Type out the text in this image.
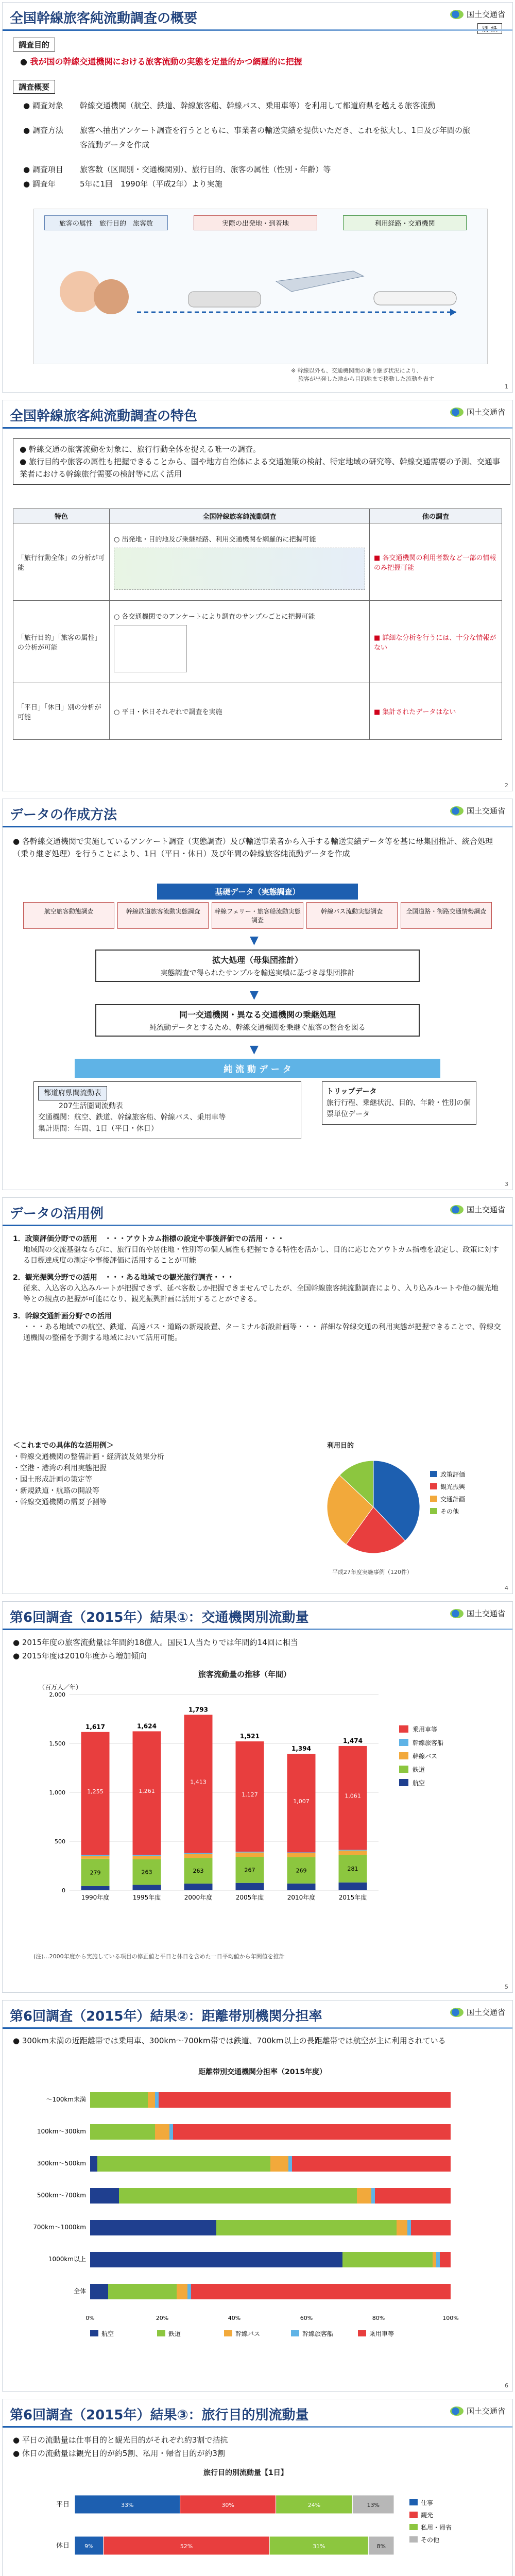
全国幹線旅客純流動調査の概要	国土交通省
調査目的
● 我が国の幹線交通機関における旅客流動の実態を定量的かつ網羅的に把握
調査概要
● 調査対象	幹線交通機関（航空、鉄道、幹線旅客船、幹線バス、乗用車等）を利用して都道府県を越える旅客流動
● 調査方法	旅客へ抽出アンケート調査を行うとともに、事業者の輸送実績を提供いただき、これを拡大し、1日及び年間の旅客流動データを作成
● 調査項目	旅客数（区間別・交通機関別）、旅行目的、旅客の属性（性別・年齢）等
● 調査年	5年に1回　1990年（平成2年）より実施
旅客の属性　旅行目的　旅客数	実際の出発地・到着地	利用経路・交通機関
※ 幹線以外も、交通機関間の乗り継ぎ状況により、
旅客が出発した地から目的地まで移動した流動を表す
1
全国幹線旅客純流動調査の特色	国土交通省
● 幹線交通の旅客流動を対象に、旅行行動全体を捉える唯一の調査。
● 旅行目的や旅客の属性も把握できることから、国や地方自治体による交通施策の検討、特定地域の研究等、幹線交通需要の予測、交通事業者における幹線旅行需要の検討等に広く活用
特色	全国幹線旅客純流動調査	他の調査
「旅行行動全体」の分析が可能	○ 出発地・目的地及び乗継経路、利用交通機関を網羅的に把握可能	■ 各交通機関の利用者数など一部の情報のみ把握可能
「旅行目的」「旅客の属性」の分析が可能	○ 各交通機関でのアンケートにより調査のサンプルごとに把握可能	■ 詳細な分析を行うには、十分な情報がない
「平日」「休日」別の分析が可能	○ 平日・休日それぞれで調査を実施	■ 集計されたデータはない
2
データの作成方法	国土交通省
● 各幹線交通機関で実施しているアンケート調査（実態調査）及び輸送事業者から入手する輸送実績データ等を基に母集団推計、統合処理（乗り継ぎ処理）を行うことにより、1日（平日・休日）及び年間の幹線旅客純流動データを作成
基礎データ（実態調査）
航空旅客動態調査	幹線鉄道旅客流動実態調査	幹線フェリー・旅客船流動実態調査
幹線バス流動実態調査	全国道路・街路交通情勢調査
▼
拡大処理（母集団推計）
実態調査で得られたサンプルを輸送実績に基づき母集団推計
▼
同一交通機関・異なる交通機関の乗継処理
純流動データとするため、幹線交通機関を乗継ぐ旅客の整合を図る
▼
純 流 動 デ ー タ
都道府県間流動表
207生活圏間流動表
交通機関：航空、鉄道、幹線旅客船、幹線バス、乗用車等
集計期間：年間、1日（平日・休日）
トリップデータ
旅行行程、乗継状況、目的、年齢・性別の個票単位データ
3
データの活用例	国土交通省
1．政策評価分野での活用　・・・アウトカム指標の設定や事後評価での活用・・・
地域間の交流基盤ならびに、旅行目的や居住地・性別等の個人属性も把握できる特性を活かし、目的に応じたアウトカム指標を設定し、政策に対する目標達成度の測定や事後評価に活用することが可能
2．観光振興分野での活用　・・・ある地域での観光旅行調査・・・
従来、入込客の入込みルートが把握できず、延べ客数しか把握できませんでしたが、全国幹線旅客純流動調査により、入り込みルートや他の観光地等との観点の把握が可能になり、観光振興計画に活用することができる。
3．幹線交通計画分野での活用
・・・ある地域での航空、鉄道、高速バス・道路の新規設置、ターミナル新設計画等・・・ 詳細な幹線交通の利用実態が把握できることで、幹線交通機関の整備を予測する地域において活用可能。
＜これまでの具体的な活用例＞
・幹線交通機関の整備計画・経済波及効果分析
・空港・港湾の利用実態把握
・国土形成計画の策定等
・新規鉄道・航路の開設等
・幹線交通機関の需要予測等
利用目的
政策評価
観光振興
交通計画
その他
平成27年度実施事例（120件）
4
第6回調査（2015年）結果①：交通機関別流動量	国土交通省
● 2015年度の旅客流動量は年間約18億人。国民1人当たりでは年間約14回に相当
● 2015年度は2010年度から増加傾向
旅客流動量の推移（年間）
（百万人／年）
0
500
1,000
1,500
2,000
1,617
1,255
279
1990年度
1,624
1,261
263
1995年度
1,793
1,413
263
2000年度
1,521
1,127
267
2005年度
1,394
1,007
269
2010年度
1,474
1,061
281
2015年度
乗用車等
幹線旅客船
幹線バス
鉄道
航空
(注)…2000年度から実施している項目の修正値と平日と休日を含めた一日平均値から年間値を推計
5
第6回調査（2015年）結果②：距離帯別機関分担率	国土交通省
● 300km未満の近距離帯では乗用車、300km～700km帯では鉄道、700km以上の長距離帯では航空が主に利用されている
距離帯別交通機関分担率（2015年度）
～100km未満
100km～300km
300km～500km
500km～700km
700km～1000km
1000km以上
全体
0%	20%	40%	60%	80%	100%
航空	鉄道	幹線バス	幹線旅客船	乗用車等
6
第6回調査（2015年）結果③：旅行目的別流動量	国土交通省
● 平日の流動量は仕事目的と観光目的がそれぞれ約3割で拮抗
● 休日の流動量は観光目的が約5割、私用・帰省目的が約3割
旅行目的別流動量【1日】
平日	33%	30%	24%	13%
休日	9%	52%	31%	8%
仕事
観光
私用・帰省
その他
